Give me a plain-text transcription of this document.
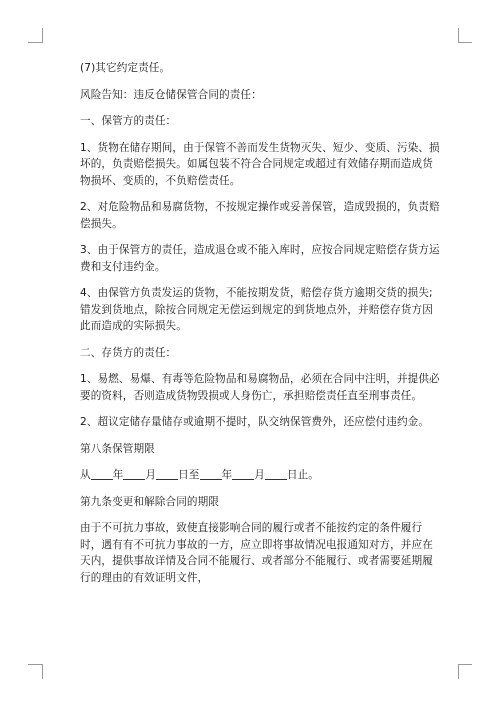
(7)其它约定责任。

风险告知：违反仓储保管合同的责任：

一、保管方的责任：

1、货物在储存期间，由于保管不善而发生货物灭失、短少、变质、污染、损坏的，负责赔偿损失。如属包装不符合合同规定或超过有效储存期而造成货物损坏、变质的，不负赔偿责任。

2、对危险物品和易腐货物，不按规定操作或妥善保管，造成毁损的，负责赔偿损失。

3、由于保管方的责任，造成退仓或不能入库时，应按合同规定赔偿存货方运费和支付违约金。

4、由保管方负责发运的货物，不能按期发货，赔偿存货方逾期交货的损失;错发到货地点，除按合同规定无偿运到规定的到货地点外，并赔偿存货方因此而造成的实际损失。

二、存货方的责任：

1、易燃、易爆、有毒等危险物品和易腐物品，必须在合同中注明，并提供必要的资料，否则造成货物毁损或人身伤亡，承担赔偿责任直至刑事责任。

2、超议定储存量储存或逾期不提时，队交纳保管费外，还应偿付违约金。

第八条保管期限

从 年 月 日至 年 月 日止。

第九条变更和解除合同的期限

由于不可抗力事故，致使直接影响合同的履行或者不能按约定的条件履行时，遇有有不可抗力事故的一方，应立即将事故情况电报通知对方，并应在天内，提供事故详情及合同不能履行、或者部分不能履行、或者需要延期履行的理由的有效证明文件，
